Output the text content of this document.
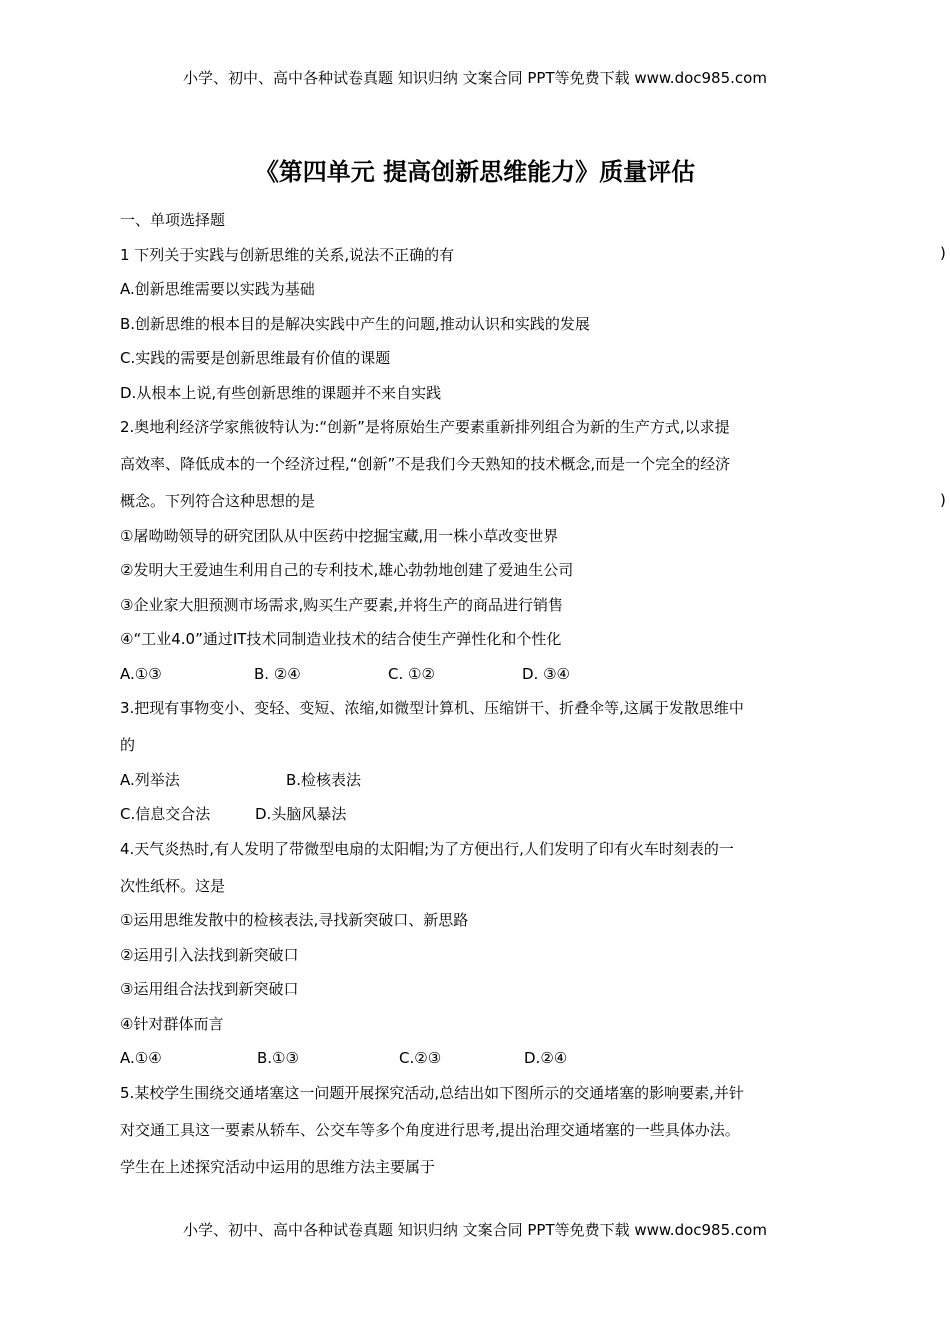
小学、初中、高中各种试卷真题 知识归纳 文案合同 PPT等免费下载 www.doc985.com
《第四单元 提高创新思维能力》质量评估
)
)
一、单项选择题
1 下列关于实践与创新思维的关系,说法不正确的有
A.创新思维需要以实践为基础
B.创新思维的根本目的是解决实践中产生的问题,推动认识和实践的发展
C.实践的需要是创新思维最有价值的课题
D.从根本上说,有些创新思维的课题并不来自实践
2.奥地利经济学家熊彼特认为:“创新”是将原始生产要素重新排列组合为新的生产方式,以求提
高效率、降低成本的一个经济过程,“创新”不是我们今天熟知的技术概念,而是一个完全的经济
概念。下列符合这种思想的是
①屠呦呦领导的研究团队从中医药中挖掘宝藏,用一株小草改变世界
②发明大王爱迪生利用自己的专利技术,雄心勃勃地创建了爱迪生公司
③企业家大胆预测市场需求,购买生产要素,并将生产的商品进行销售
④“工业4.0”通过IT技术同制造业技术的结合使生产弹性化和个性化
A.①③	B. ②④	C. ①②	D. ③④
3.把现有事物变小、变轻、变短、浓缩,如微型计算机、压缩饼干、折叠伞等,这属于发散思维中
的
A.列举法	B.检核表法
C.信息交合法	D.头脑风暴法
4.天气炎热时,有人发明了带微型电扇的太阳帽;为了方便出行,人们发明了印有火车时刻表的一
次性纸杯。这是
①运用思维发散中的检核表法,寻找新突破口、新思路
②运用引入法找到新突破口
③运用组合法找到新突破口
④针对群体而言
A.①④	B.①③	C.②③	D.②④
5.某校学生围绕交通堵塞这一问题开展探究活动,总结出如下图所示的交通堵塞的影响要素,并针
对交通工具这一要素从轿车、公交车等多个角度进行思考,提出治理交通堵塞的一些具体办法。
学生在上述探究活动中运用的思维方法主要属于
小学、初中、高中各种试卷真题 知识归纳 文案合同 PPT等免费下载 www.doc985.com
